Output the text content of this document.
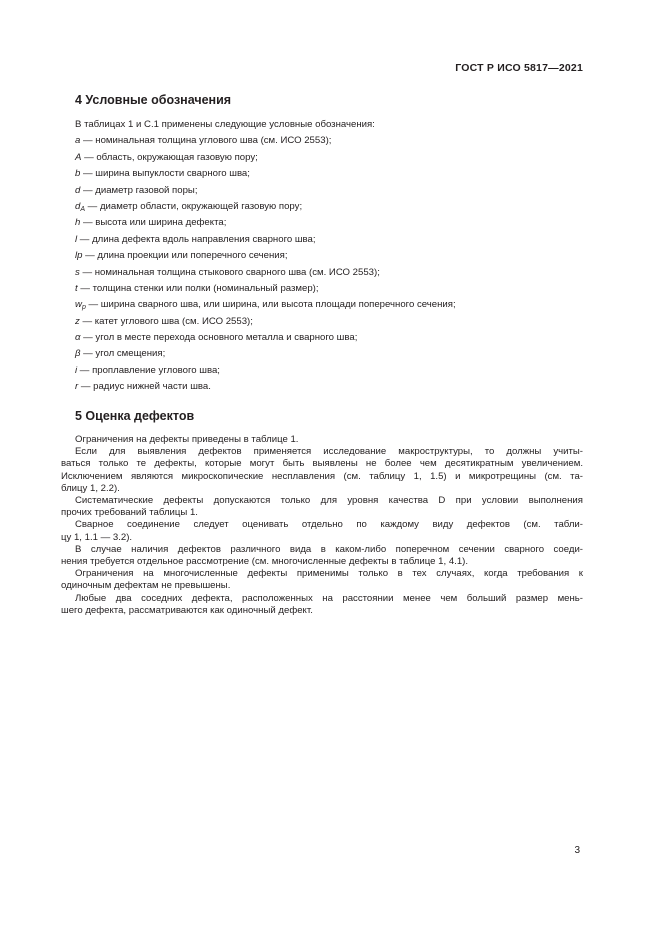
ГОСТ Р ИСО 5817—2021
4 Условные обозначения
В таблицах 1 и С.1 применены следующие условные обозначения:
a — номинальная толщина углового шва (см. ИСО 2553);
A — область, окружающая газовую пору;
b — ширина выпуклости сварного шва;
d — диаметр газовой поры;
$d_A$ — диаметр области, окружающей газовую пору;
h — высота или ширина дефекта;
l — длина дефекта вдоль направления сварного шва;
lp — длина проекции или поперечного сечения;
s — номинальная толщина стыкового сварного шва (см. ИСО 2553);
t — толщина стенки или полки (номинальный размер);
$w_p$ — ширина сварного шва, или ширина, или высота площади поперечного сечения;
z — катет углового шва (см. ИСО 2553);
α — угол в месте перехода основного металла и сварного шва;
β — угол смещения;
i — проплавление углового шва;
r — радиус нижней части шва.
5 Оценка дефектов

Ограничения на дефекты приведены в таблице 1.

Если для выявления дефектов применяется исследование макроструктуры, то должны учиты-

ваться только те дефекты, которые могут быть выявлены не более чем десятикратным увеличением.

Исключением являются микроскопические несплавления (см. таблицу 1, 1.5) и микротрещины (см. та-

блицу 1, 2.2).

Систематические дефекты допускаются только для уровня качества D при условии выполнения

прочих требований таблицы 1.

Сварное соединение следует оценивать отдельно по каждому виду дефектов (см. табли-

цу 1, 1.1 — 3.2).

В случае наличия дефектов различного вида в каком-либо поперечном сечении сварного соеди-

нения требуется отдельное рассмотрение (см. многочисленные дефекты в таблице 1, 4.1).

Ограничения на многочисленные дефекты применимы только в тех случаях, когда требования к

одиночным дефектам не превышены.

Любые два соседних дефекта, расположенных на расстоянии менее чем больший размер мень-

шего дефекта, рассматриваются как одиночный дефект.

3
